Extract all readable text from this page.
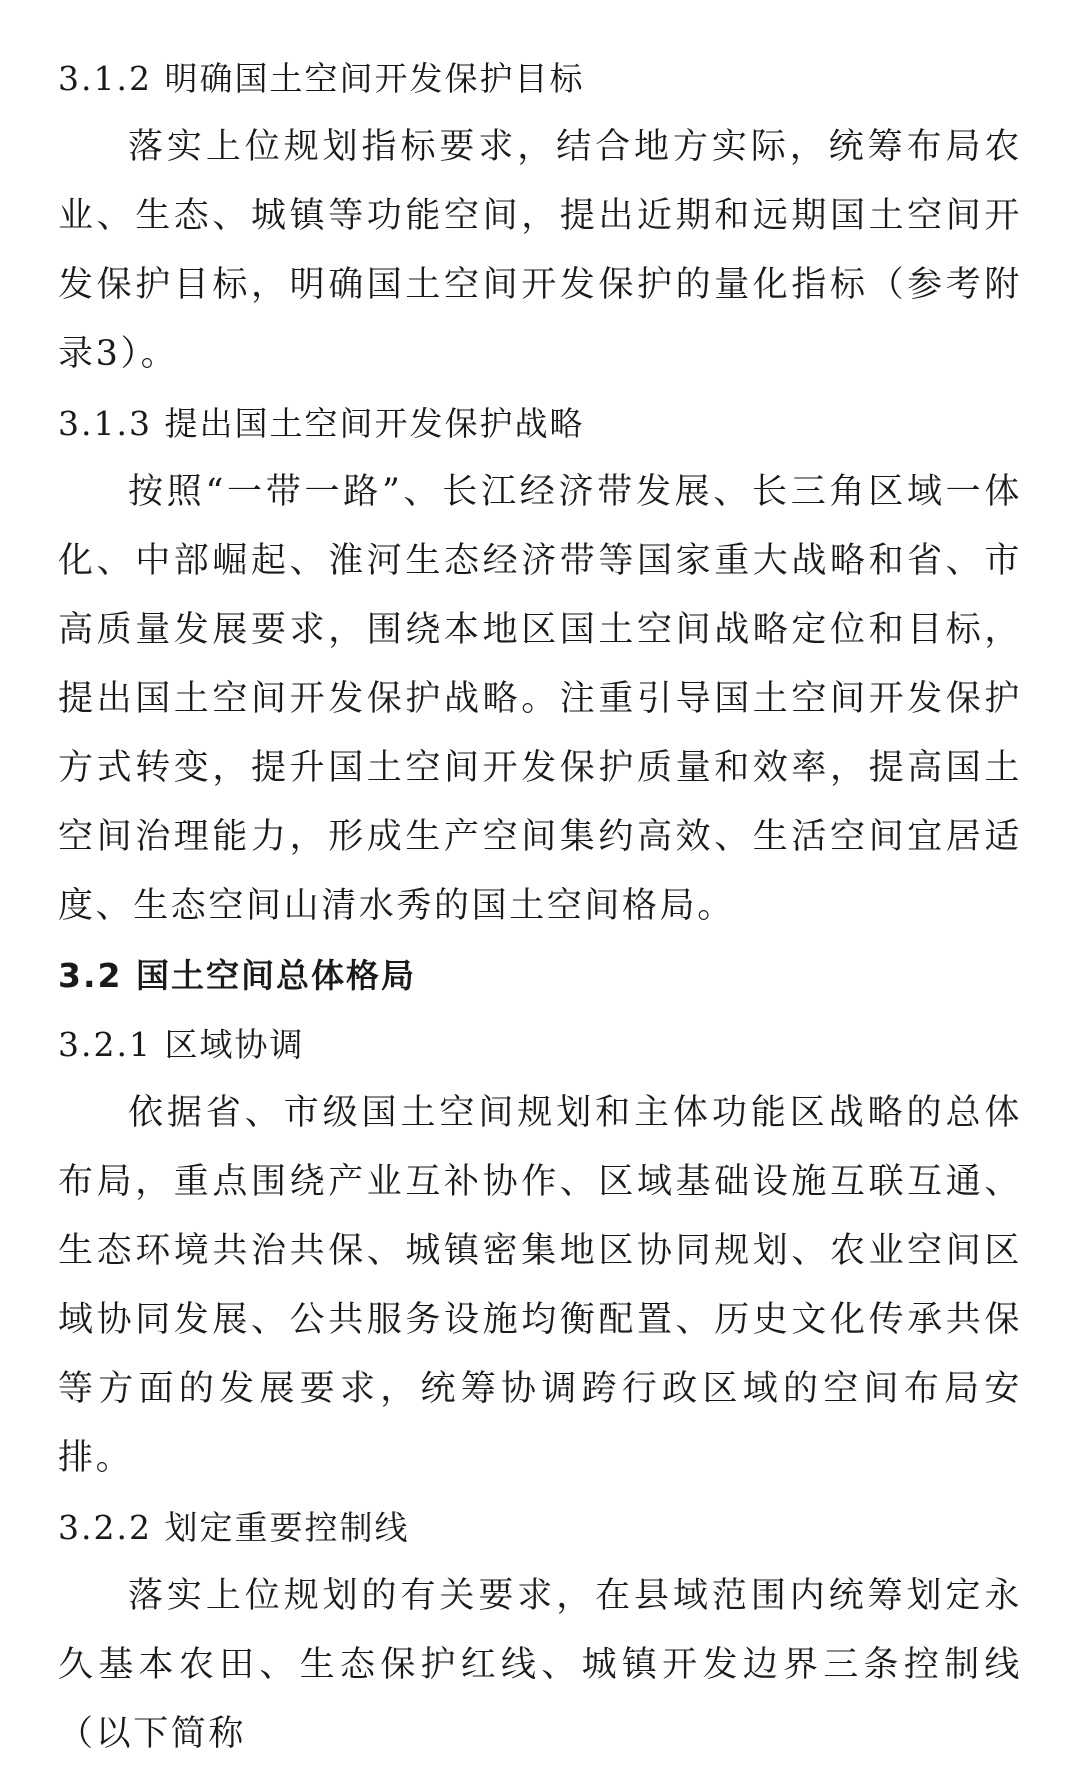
3.1.2 明确国土空间开发保护目标

落实上位规划指标要求，结合地方实际，统筹布局农业、生态、城镇等功能空间，提出近期和远期国土空间开发保护目标，明确国土空间开发保护的量化指标（参考附录3）。

3.1.3 提出国土空间开发保护战略

按照“一带一路”、长江经济带发展、长三角区域一体化、中部崛起、淮河生态经济带等国家重大战略和省、市高质量发展要求，围绕本地区国土空间战略定位和目标，提出国土空间开发保护战略。注重引导国土空间开发保护方式转变，提升国土空间开发保护质量和效率，提高国土空间治理能力，形成生产空间集约高效、生活空间宜居适度、生态空间山清水秀的国土空间格局。

3.2 国土空间总体格局
3.2.1 区域协调

依据省、市级国土空间规划和主体功能区战略的总体布局，重点围绕产业互补协作、区域基础设施互联互通、生态环境共治共保、城镇密集地区协同规划、农业空间区域协同发展、公共服务设施均衡配置、历史文化传承共保等方面的发展要求，统筹协调跨行政区域的空间布局安排。

3.2.2 划定重要控制线

落实上位规划的有关要求，在县域范围内统筹划定永久基本农田、生态保护红线、城镇开发边界三条控制线（以下简称
